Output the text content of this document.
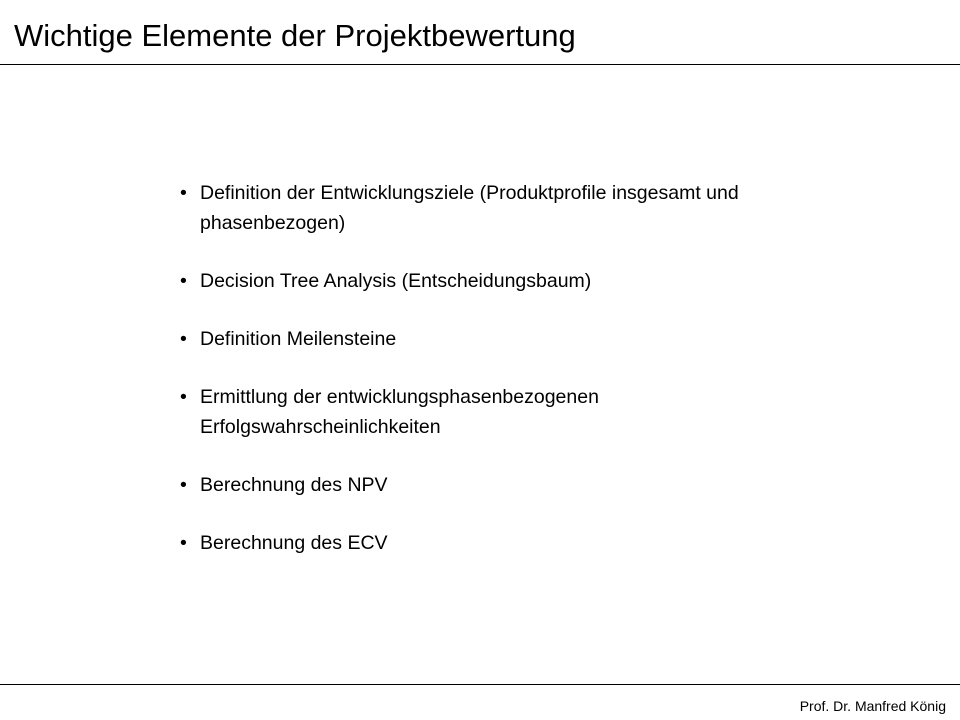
Wichtige Elemente der Projektbewertung
• Definition der Entwicklungsziele (Produktprofile insgesamt und phasenbezogen)
• Decision Tree Analysis (Entscheidungsbaum)
• Definition Meilensteine
• Ermittlung der entwicklungsphasenbezogenen Erfolgswahrscheinlichkeiten
• Berechnung des NPV
• Berechnung des ECV
Prof. Dr. Manfred König
